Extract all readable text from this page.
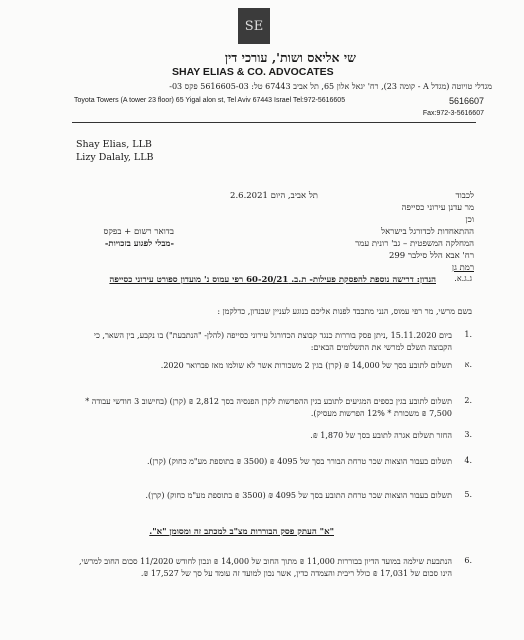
SE
שי אליאס ושות', עורכי דין
SHAY ELIAS & CO. ADVOCATES
מגדלי טויוטה (מגדל A - קומה 23), רח' יגאל אלון 65, תל אביב 67443 טל: 5616605-03 פקס 03-
Toyota Towers (A tower 23 floor) 65 Yigal alon st, Tel Aviv 67443 Israel Tel:972-5616605	5616607
Fax:972-3-5616607
Shay Elias, LLB
Lizy Dalaly, LLB
תל אביב, היום 2.6.2021	לכבוד
מר עדנן עירוני כסייפה
וכן
ההתאחדות לכדורגל בישראל
המחלקה המשפטית – גב' רונית עמר
רח' אבא הלל סילבר 299
רמת גן
בדואר רשום + בפקס
-מבלי לפגוע בזכויות-
ג.ג.א.
הנדון: דרישה נוספת להפסקת פעילות- ת.ב. 60-20/21 רפי עמוס נ' מועדון ספורט עירוני כסייפה
בשם מרשי, מר רפי עמוס, הנני מתכבד לפנות אליכם בנוגע לעניין שבנדון, כדלקמן :
1.
ביום 15.11.2020 ,ניתן פסק בוררות כנגד קבוצת הכדורגל עירוני כסייפה (להלן- "הנתבעת") בו נקבע, בין השאר, כי הקבוצה תשלם למרשי את התשלומים הבאים:
א.
תשלום לתובע בסך של 14,000 ₪ (קרן) בגין 2 משכורות אשר לא שולמו מאז פברואר 2020.
2.
תשלום לתובע בגין כספים המגיעים לתובע בגין ההפרשות לקרן הפנסיה בסך 2,812 ₪ (קרן) (בחישוב 3 חודשי עבודה * 7,500 ₪ משכורת * 12% הפרשות מעסיק).
3.
החזר תשלום אגרה לתובע בסך של 1,870 ₪.
4.
תשלום בעבור הוצאות שכר טרחת הבורר בסך של 4095 ₪ (3500 ₪ בתוספת מע"מ כחוק) (קרן).
5.
תשלום בעבור הוצאות שכר טרחת התובע בסך של 4095 ₪ (3500 ₪ בתוספת מע"מ כחוק) (קרן).
"א" העתק פסק הבוררות מצ"ב למכתב זה ומסומן "א".
6.
הנתבעת שילמה במועד הדיון בבוררות 11,000 ₪ מתוך החוב של 14,000 ₪ ונכון לחודש 11/2020 סכום החוב למרשי, הינו סכום של 17,031 ₪ כולל ריבית והצמדה כדין, אשר נכון למועד זה עומד על סך של 17,527 ₪.
